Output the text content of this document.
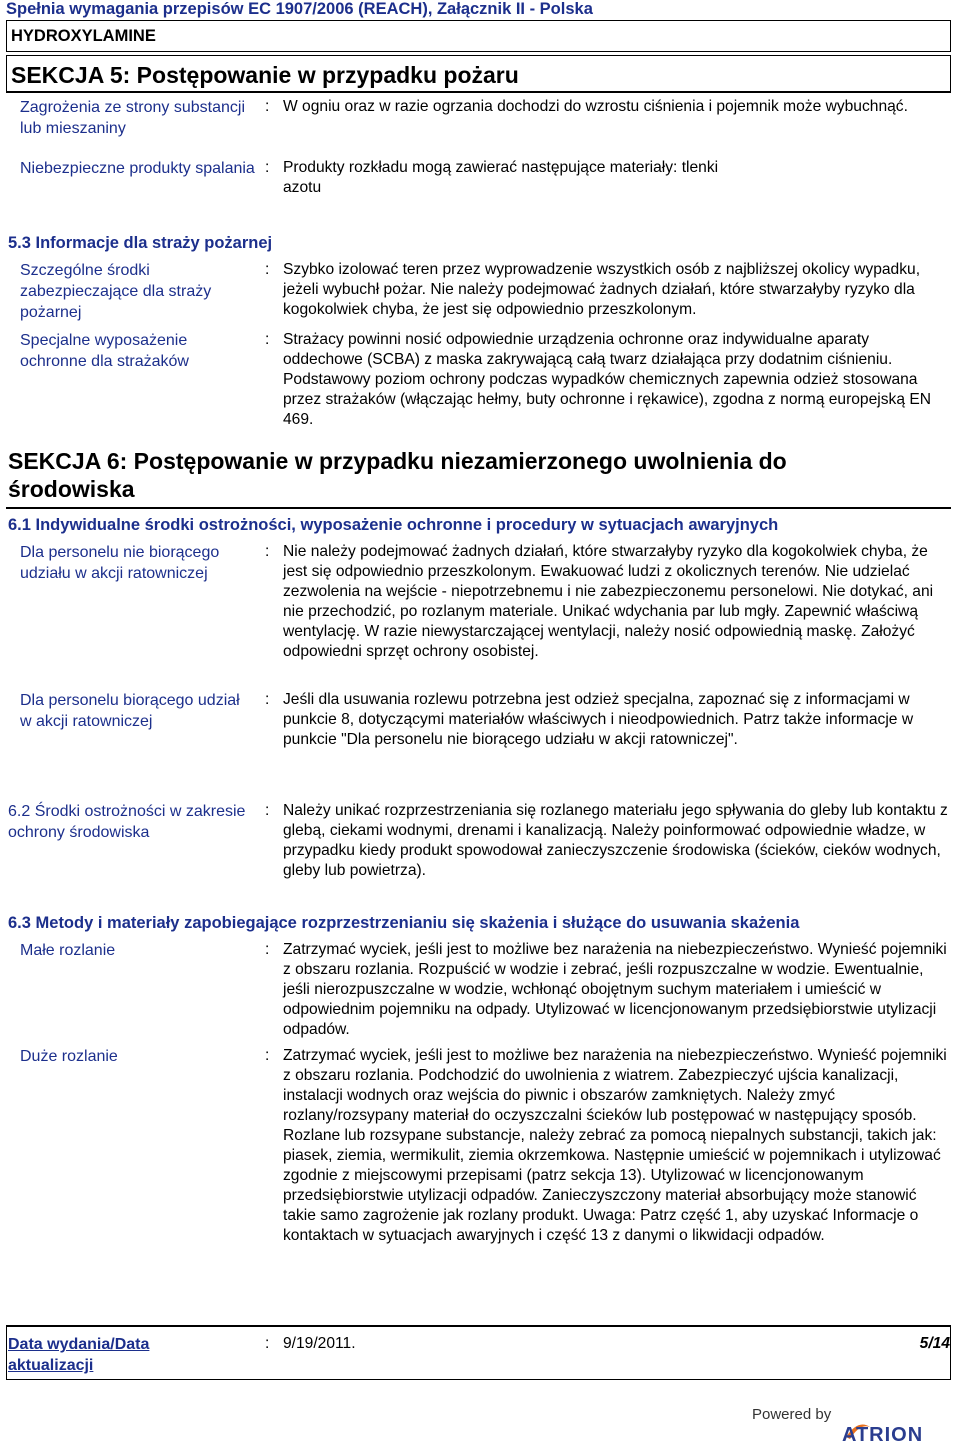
Spełnia wymagania przepisów EC 1907/2006 (REACH), Załącznik II - Polska
HYDROXYLAMINE
SEKCJA 5: Postępowanie w przypadku pożaru
Zagrożenia ze strony substancji lub mieszaniny
: W ogniu oraz w razie ogrzania dochodzi do wzrostu ciśnienia i pojemnik może wybuchnąć.
Niebezpieczne produkty spalania : Produkty rozkładu mogą zawierać następujące materiały: tlenki azotu
5.3 Informacje dla straży pożarnej
Szczególne środki zabezpieczające dla straży pożarnej
: Szybko izolować teren przez wyprowadzenie wszystkich osób z najbliższej okolicy wypadku, jeżeli wybuchł pożar. Nie należy podejmować żadnych działań, które stwarzałyby ryzyko dla kogokolwiek chyba, że jest się odpowiednio przeszkolonym.
Specjalne wyposażenie ochronne dla strażaków
: Strażacy powinni nosić odpowiednie urządzenia ochronne oraz indywidualne aparaty oddechowe (SCBA) z maska zakrywającą całą twarz działająca przy dodatnim ciśnieniu. Podstawowy poziom ochrony podczas wypadków chemicznych zapewnia odzież stosowana przez strażaków (włączając hełmy, buty ochronne i rękawice), zgodna z normą europejską EN 469.
SEKCJA 6: Postępowanie w przypadku niezamierzonego uwolnienia do środowiska
6.1 Indywidualne środki ostrożności, wyposażenie ochronne i procedury w sytuacjach awaryjnych
Dla personelu nie biorącego udziału w akcji ratowniczej
: Nie należy podejmować żadnych działań, które stwarzałyby ryzyko dla kogokolwiek chyba, że jest się odpowiednio przeszkolonym. Ewakuować ludzi z okolicznych terenów. Nie udzielać zezwolenia na wejście - niepotrzebnemu i nie zabezpieczonemu personelowi. Nie dotykać, ani nie przechodzić, po rozlanym materiale. Unikać wdychania par lub mgły. Zapewnić właściwą wentylację. W razie niewystarczającej wentylacji, należy nosić odpowiednią maskę. Założyć odpowiedni sprzęt ochrony osobistej.
Dla personelu biorącego udział w akcji ratowniczej
: Jeśli dla usuwania rozlewu potrzebna jest odzież specjalna, zapoznać się z informacjami w punkcie 8, dotyczącymi materiałów właściwych i nieodpowiednich. Patrz także informacje w punkcie "Dla personelu nie biorącego udziału w akcji ratowniczej".
6.2 Środki ostrożności w zakresie ochrony środowiska
: Należy unikać rozprzestrzeniania się rozlanego materiału jego spływania do gleby lub kontaktu z glebą, ciekami wodnymi, drenami i kanalizacją. Należy poinformować odpowiednie władze, w przypadku kiedy produkt spowodował zanieczyszczenie środowiska (ścieków, cieków wodnych, gleby lub powietrza).
6.3 Metody i materiały zapobiegające rozprzestrzenianiu się skażenia i służące do usuwania skażenia
Małe rozlanie	: Zatrzymać wyciek, jeśli jest to możliwe bez narażenia na niebezpieczeństwo. Wynieść pojemniki z obszaru rozlania. Rozpuścić w wodzie i zebrać, jeśli rozpuszczalne w wodzie. Ewentualnie, jeśli nierozpuszczalne w wodzie, wchłonąć obojętnym suchym materiałem i umieścić w odpowiednim pojemniku na odpady. Utylizować w licencjonowanym przedsiębiorstwie utylizacji odpadów.
Duże rozlanie	: Zatrzymać wyciek, jeśli jest to możliwe bez narażenia na niebezpieczeństwo. Wynieść pojemniki z obszaru rozlania. Podchodzić do uwolnienia z wiatrem. Zabezpieczyć ujścia kanalizacji, instalacji wodnych oraz wejścia do piwnic i obszarów zamkniętych. Należy zmyć rozlany/rozsypany materiał do oczyszczalni ścieków lub postępować w następujący sposób. Rozlane lub rozsypane substancje, należy zebrać za pomocą niepalnych substancji, takich jak: piasek, ziemia, wermikulit, ziemia okrzemkowa. Następnie umieścić w pojemnikach i utylizować zgodnie z miejscowymi przepisami (patrz sekcja 13). Utylizować w licencjonowanym przedsiębiorstwie utylizacji odpadów. Zanieczyszczony materiał absorbujący może stanowić takie samo zagrożenie jak rozlany produkt. Uwaga: Patrz część 1, aby uzyskać Informacje o kontaktach w sytuacjach awaryjnych i część 13 z danymi o likwidacji odpadów.
Data wydania/Data aktualizacji
: 9/19/2011.	5/14
Powered by
ATRION
